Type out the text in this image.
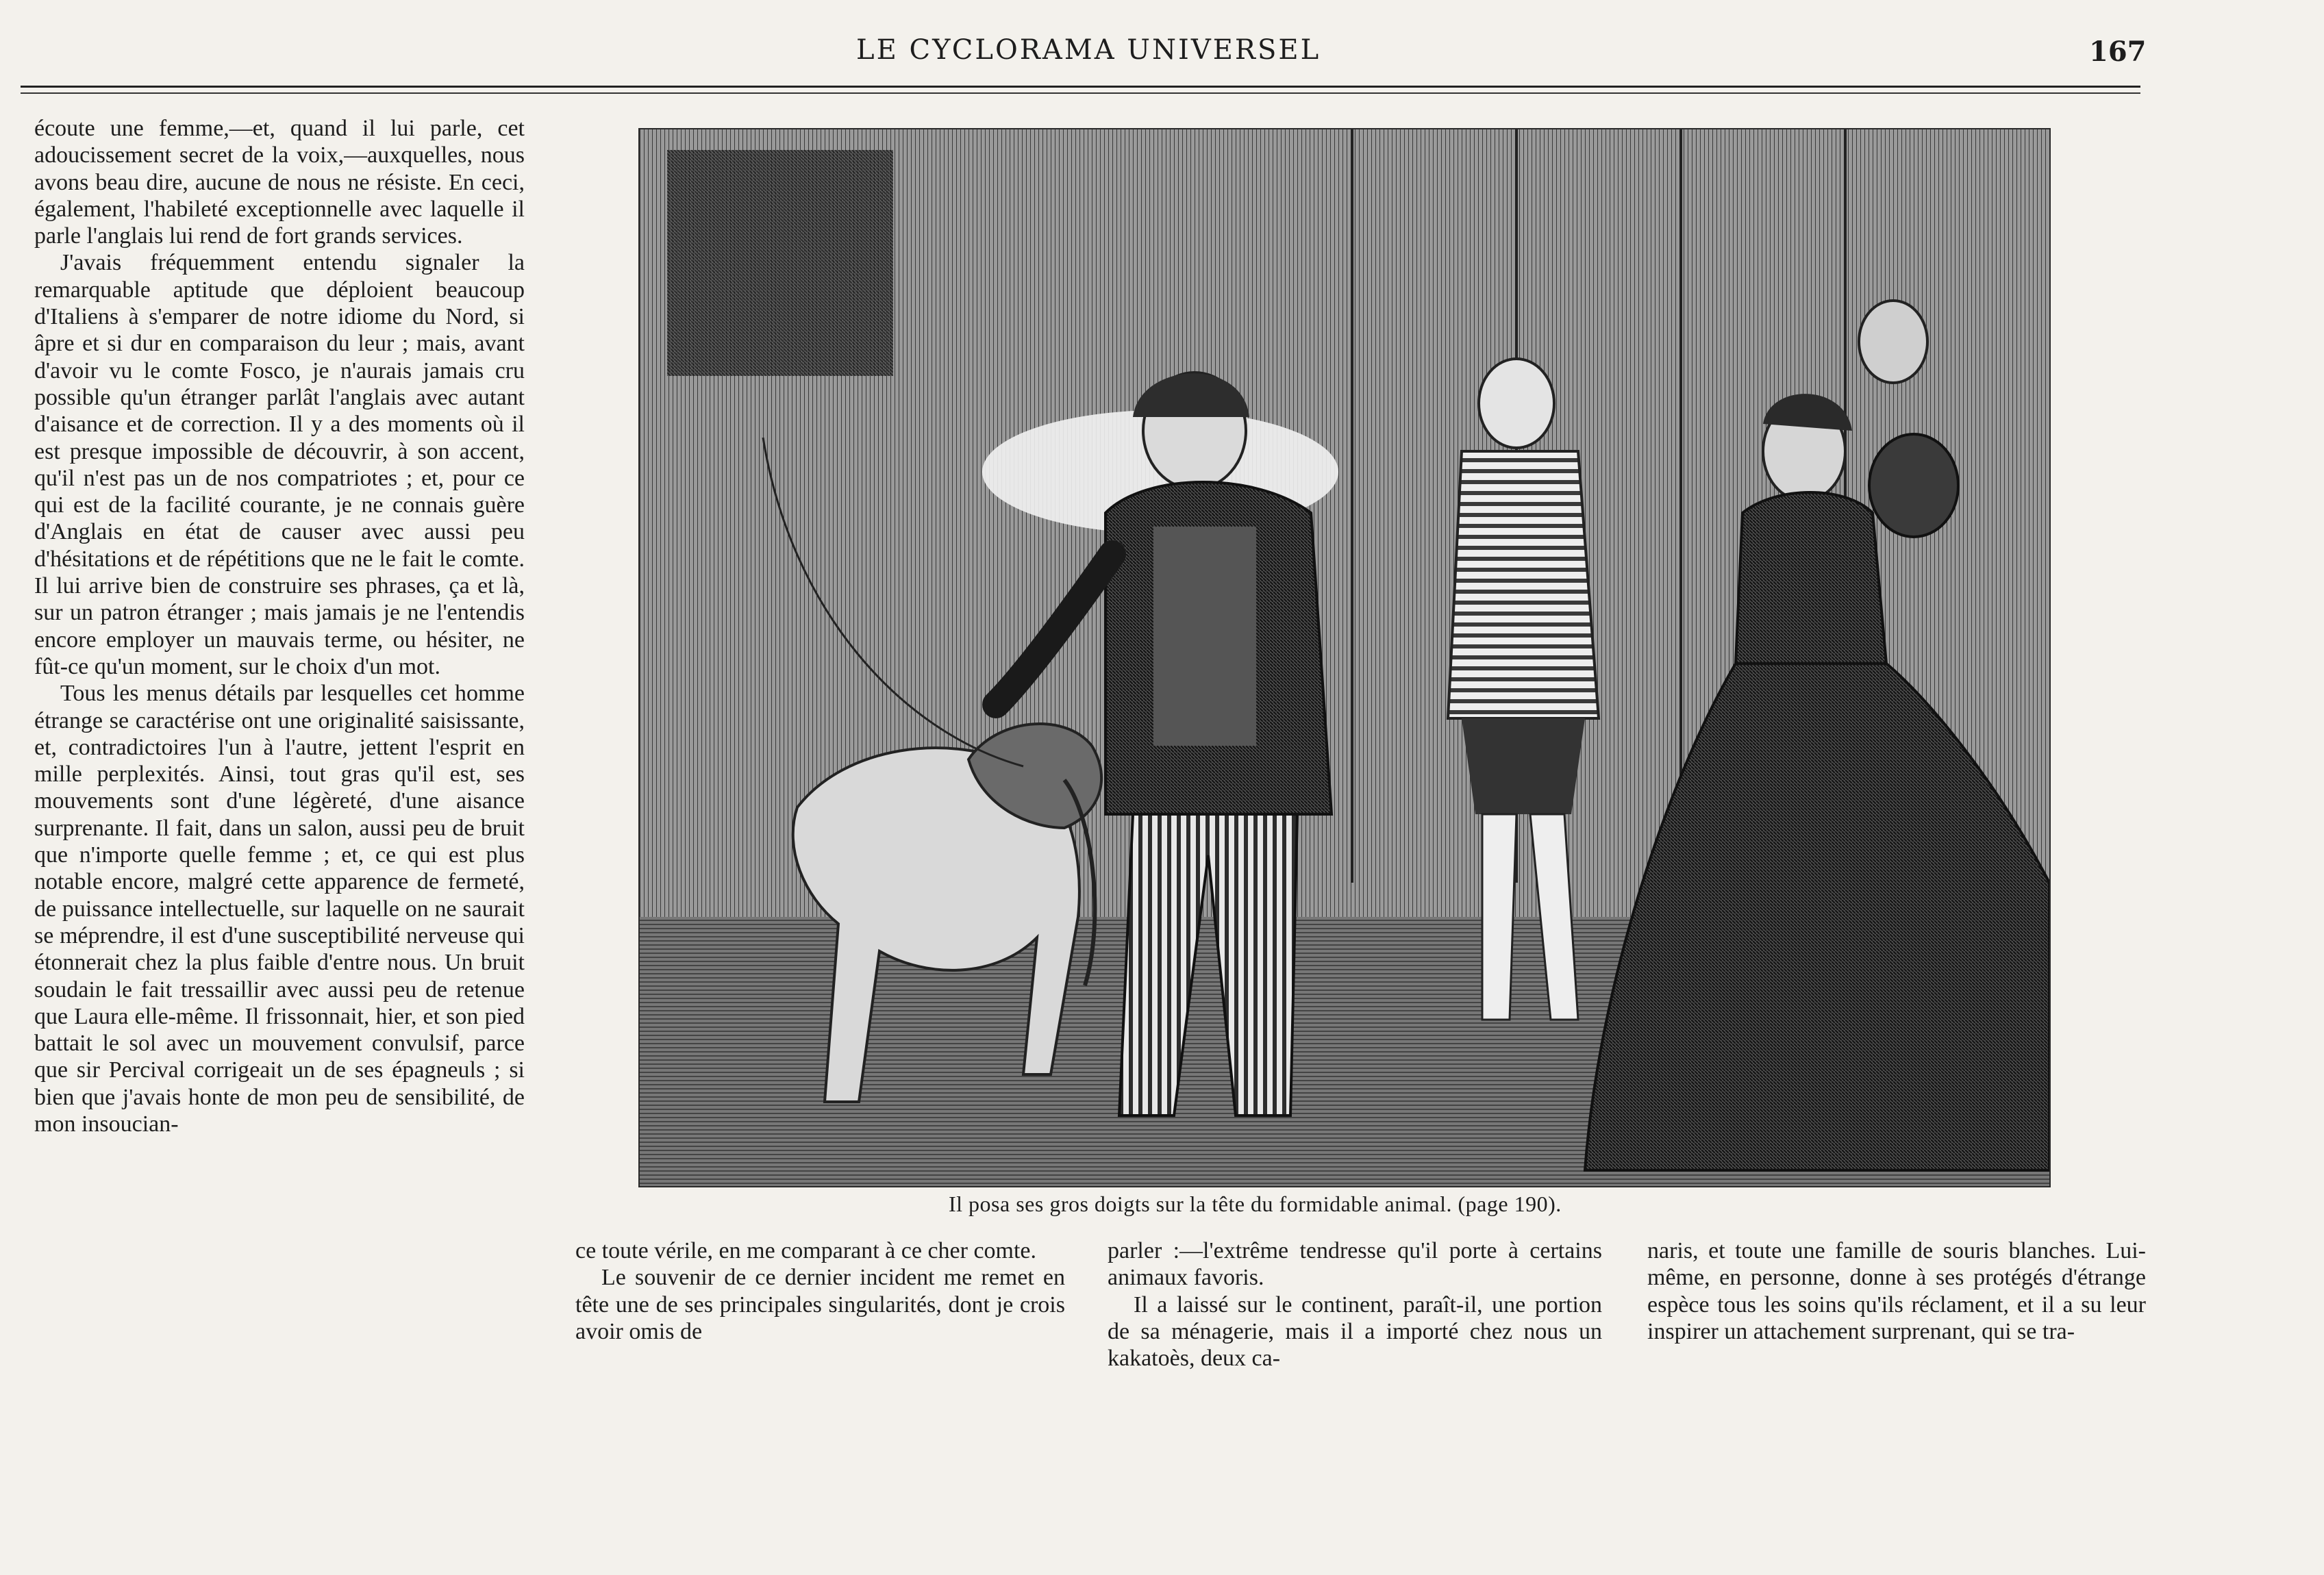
LE CYCLORAMA UNIVERSEL	167

écoute une femme,—et, quand il lui parle, cet adoucissement secret de la voix,—auxquelles, nous avons beau dire, aucune de nous ne résiste. En ceci, également, l'habileté exceptionnelle avec laquelle il parle l'anglais lui rend de fort grands services.

J'avais fréquemment entendu signaler la remarquable aptitude que déploient beaucoup d'Italiens à s'emparer de notre idiome du Nord, si âpre et si dur en comparaison du leur ; mais, avant d'avoir vu le comte Fosco, je n'aurais jamais cru possible qu'un étranger parlât l'anglais avec autant d'aisance et de correction. Il y a des moments où il est presque impossible de découvrir, à son accent, qu'il n'est pas un de nos compatriotes ; et, pour ce qui est de la facilité courante, je ne connais guère d'Anglais en état de causer avec aussi peu d'hésitations et de répétitions que ne le fait le comte. Il lui arrive bien de construire ses phrases, ça et là, sur un patron étranger ; mais jamais je ne l'entendis encore employer un mauvais terme, ou hésiter, ne fût-ce qu'un moment, sur le choix d'un mot.

Tous les menus détails par lesquelles cet homme étrange se caractérise ont une originalité saisissante, et, contradictoires l'un à l'autre, jettent l'esprit en mille perplexités. Ainsi, tout gras qu'il est, ses mouvements sont d'une légèreté, d'une aisance surprenante. Il fait, dans un salon, aussi peu de bruit que n'importe quelle femme ; et, ce qui est plus notable encore, malgré cette apparence de fermeté, de puissance intellectuelle, sur laquelle on ne saurait se méprendre, il est d'une susceptibilité nerveuse qui étonnerait chez la plus faible d'entre nous. Un bruit soudain le fait tressaillir avec aussi peu de retenue que Laura elle-même. Il frissonnait, hier, et son pied battait le sol avec un mouvement convulsif, parce que sir Percival corrigeait un de ses épagneuls ; si bien que j'avais honte de mon peu de sensibilité, de mon insoucian-

Il posa ses gros doigts sur la tête du formidable animal. (page 190).

ce toute vérile, en me comparant à ce cher comte.

Le souvenir de ce dernier incident me remet en tête une de ses principales singularités, dont je crois avoir omis de

parler :—l'extrême tendresse qu'il porte à certains animaux favoris.

Il a laissé sur le continent, paraît-il, une portion de sa ménagerie, mais il a importé chez nous un kakatoès, deux ca-

naris, et toute une famille de souris blanches. Lui-même, en personne, donne à ses protégés d'étrange espèce tous les soins qu'ils réclament, et il a su leur inspirer un attachement surprenant, qui se tra-
